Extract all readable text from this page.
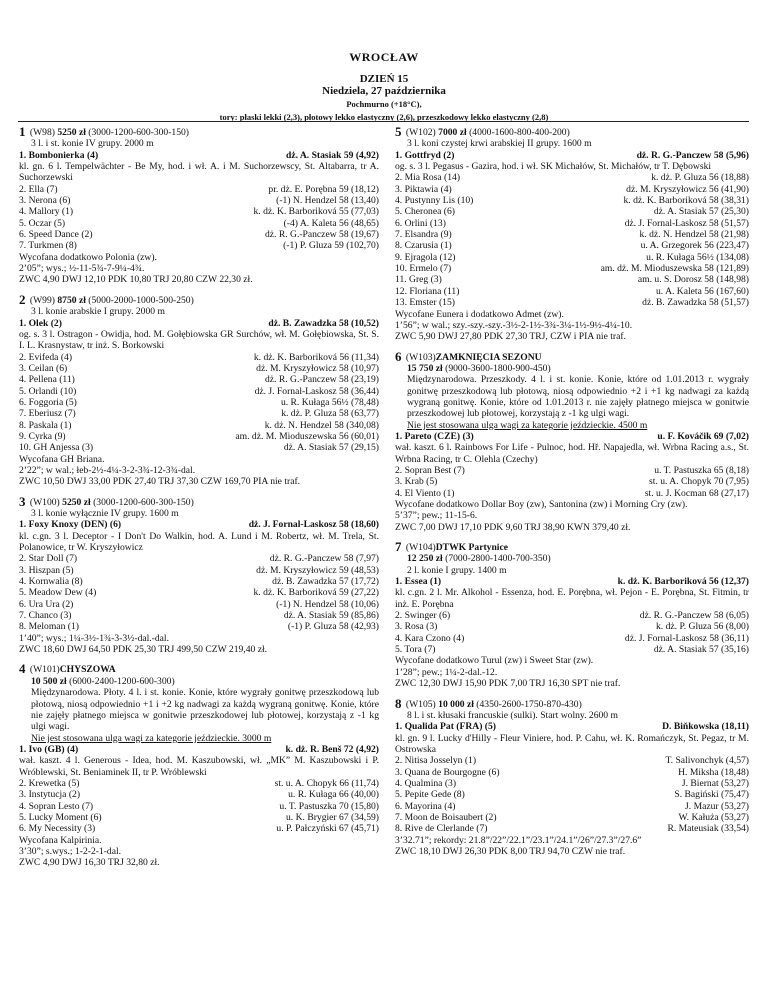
WROCŁAW
DZIEŃ 15
Niedziela, 27 października
Pochmurno (+18°C),
tory: płaski lekki (2,3), płotowy lekko elastyczny (2,6), przeszkodowy lekko elastyczny (2,8)
1 (W98) 5250 zł (3000-1200-600-300-150)
3 l. i st. konie IV grupy. 2000 m
1. Bombonierka (4)	dż. A. Stasiak 59 (4,92)
kl. gn. 6 l. Tempelwächter - Be My, hod. i wł. A. i M. Suchorzewscy, St. Altabarra, tr A. Suchorzewski
2. Ella (7)	pr. dż. E. Porębna 59 (18,12)
3. Nerona (6)	(-1) N. Hendzel 58 (13,40)
4. Mallory (1)	k. dż. K. Barboriková 55 (77,03)
5. Oczar (5)	(-4) A. Kaleta 56 (48,65)
6. Speed Dance (2)	dż. R. G.-Panczew 58 (19,67)
7. Turkmen (8)	(-1) P. Gluza 59 (102,70)
Wycofana dodatkowo Polonia (zw).
2’05”; wys.; ½-11-5¾-7-9¼-4¾.
ZWC 4,90 DWJ 12,10 PDK 10,80 TRJ 20,80 CZW 22,30 zł.
2 (W99) 8750 zł (5000-2000-1000-500-250)
3 l. konie arabskie I grupy. 2000 m
1. Olek (2)	dż. B. Zawadzka 58 (10,52)
og. s. 3 l. Ostragon - Owidja, hod. M. Gołębiowska GR Surchów, wł. M. Gołębiowska, St. S. I. L. Krasnystaw, tr inż. S. Borkowski
2. Evifeda (4)	k. dż. K. Barboriková 56 (11,34)
3. Ceilan (6)	dż. M. Kryszyłowicz 58 (10,97)
4. Pellena (11)	dż. R. G.-Panczew 58 (23,19)
5. Orlandi (10)	dż. J. Fornal-Laskosz 58 (36,44)
6. Foggoria (5)	u. R. Kułaga 56½ (78,48)
7. Eberiusz (7)	k. dż. P. Gluza 58 (63,77)
8. Paskala (1)	k. dż. N. Hendzel 58 (340,08)
9. Cyrka (9)	am. dż. M. Mioduszewska 56 (60,01)
10. GH Anjessa (3)	dż. A. Stasiak 57 (29,15)
Wycofana GH Briana.
2’22”; w wal.; łeb-2½-4¼-3-2-3¾-12-3¾-dal.
ZWC 10,50 DWJ 33,00 PDK 27,40 TRJ 37,30 CZW 169,70 PIA nie traf.
3 (W100) 5250 zł (3000-1200-600-300-150)
3 l. konie wyłącznie IV grupy. 1600 m
1. Foxy Knoxy (DEN) (6)	dż. J. Fornal-Laskosz 58 (18,60)
kl. c.gn. 3 l. Deceptor - I Don't Do Walkin, hod. A. Lund i M. Robertz, wł. M. Trela, St. Polanowice, tr W. Kryszyłowicz
2. Star Doll (7)	dż. R. G.-Panczew 58 (7,97)
3. Hiszpan (5)	dż. M. Kryszyłowicz 59 (48,53)
4. Kornwalia (8)	dż. B. Zawadzka 57 (17,72)
5. Meadow Dew (4)	k. dż. K. Barboriková 59 (27,22)
6. Ura Ura (2)	(-1) N. Hendzel 58 (10,06)
7. Chanco (3)	dż. A. Stasiak 59 (85,86)
8. Meloman (1)	(-1) P. Gluza 58 (42,93)
1’40”; wys.; 1¼-3½-1¾-3-3½-dal.-dal.
ZWC 18,60 DWJ 64,50 PDK 25,30 TRJ 499,50 CZW 219,40 zł.
4 (W101)CHYSZOWA
10 500 zł (6000-2400-1200-600-300)
Międzynarodowa. Płoty. 4 l. i st. konie. Konie, które wygrały gonitwę przeszkodową lub płotową, niosą odpowiednio +1 i +2 kg nadwagi za każdą wygraną gonitwę. Konie, które nie zajęły płatnego miejsca w gonitwie przeszkodowej lub płotowej, korzystają z -1 kg ulgi wagi.
Nie jest stosowana ulga wagi za kategorie jeździeckie. 3000 m
1. Ivo (GB) (4)	k. dż. R. Benš 72 (4,92)
wał. kaszt. 4 l. Generous - Idea, hod. M. Kaszubowski, wł. „MK” M. Kaszubowski i P. Wróblewski, St. Beniaminek II, tr P. Wróblewski
2. Krewetka (5)	st. u. A. Chopyk 66 (11,74)
3. Instytucja (2)	u. R. Kułaga 66 (40,00)
4. Sopran Lesto (7)	u. T. Pastuszka 70 (15,80)
5. Lucky Moment (6)	u. K. Brygier 67 (34,59)
6. My Necessity (3)	u. P. Pałczyński 67 (45,71)
Wycofana Kalpirinia.
3’30”; s.wys.; 1-2-2-1-dal.
ZWC 4,90 DWJ 16,30 TRJ 32,80 zł.
5 (W102) 7000 zł (4000-1600-800-400-200)
3 l. koni czystej krwi arabskiej II grupy. 1600 m
1. Gottfryd (2)	dż. R. G.-Panczew 58 (5,96)
og. s. 3 l. Pegasus - Gazira, hod. i wł. SK Michałów, St. Michałów, tr T. Dębowski
2. Mia Rosa (14)	k. dż. P. Gluza 56 (18,88)
3. Piktawia (4)	dż. M. Kryszyłowicz 56 (41,90)
4. Pustynny Lis (10)	k. dż. K. Barboriková 58 (38,31)
5. Cheronea (6)	dż. A. Stasiak 57 (25,30)
6. Orlini (13)	dż. J. Fornal-Laskosz 58 (51,57)
7. Elsandra (9)	k. dż. N. Hendzel 58 (21,98)
8. Czarusia (1)	u. A. Grzegorek 56 (223,47)
9. Ejragola (12)	u. R. Kułaga 56½ (134,08)
10. Ermelo (7)	am. dż. M. Mioduszewska 58 (121,89)
11. Greg (3)	am. u. S. Dorosz 58 (148,98)
12. Floriana (11)	u. A. Kaleta 56 (167,60)
13. Emster (15)	dż. B. Zawadzka 58 (51,57)
Wycofane Eunera i dodatkowo Admet (zw).
1’56”; w wal.; szy.-szy.-szy.-3½-2-1½-3¾-3¼-1½-9½-4¼-10.
ZWC 5,90 DWJ 27,80 PDK 27,30 TRJ, CZW i PIA nie traf.
6 (W103)ZAMKNIĘCIA SEZONU
15 750 zł (9000-3600-1800-900-450)
Międzynarodowa. Przeszkody. 4 l. i st. konie. Konie, które od 1.01.2013 r. wygrały gonitwę przeszkodową lub płotową, niosą odpowiednio +2 i +1 kg nadwagi za każdą wygraną gonitwę. Konie, które od 1.01.2013 r. nie zajęły płatnego miejsca w gonitwie przeszkodowej lub płotowej, korzystają z -1 kg ulgi wagi.
Nie jest stosowana ulga wagi za kategorie jeździeckie. 4500 m
1. Pareto (CZE) (3)	u. F. Kováčik 69 (7,02)
wał. kaszt. 6 l. Rainbows For Life - Pulnoc, hod. Hř. Napajedla, wł. Wrbna Racing a.s., St. Wrbna Racing, tr C. Olehla (Czechy)
2. Sopran Best (7)	u. T. Pastuszka 65 (8,18)
3. Krab (5)	st. u. A. Chopyk 70 (7,95)
4. El Viento (1)	st. u. J. Kocman 68 (27,17)
Wycofane dodatkowo Dollar Boy (zw), Santonina (zw) i Morning Cry (zw).
5’37”; pew.; 11-15-6.
ZWC 7,00 DWJ 17,10 PDK 9,60 TRJ 38,90 KWN 379,40 zł.
7 (W104)DTWK Partynice
12 250 zł (7000-2800-1400-700-350)
2 l. konie I grupy. 1400 m
1. Essea (1)	k. dż. K. Barboriková 56 (12,37)
kl. c.gn. 2 l. Mr. Alkohol - Essenza, hod. E. Porębna, wł. Pejon - E. Porębna, St. Fitmin, tr inż. E. Porębna
2. Swinger (6)	dż. R. G.-Panczew 58 (6,05)
3. Rosa (3)	k. dż. P. Gluza 56 (8,00)
4. Kara Czono (4)	dż. J. Fornal-Laskosz 58 (36,11)
5. Tora (7)	dż. A. Stasiak 57 (35,16)
Wycofane dodatkowo Turul (zw) i Sweet Star (zw).
1’28”; pew.; 1¼-2-dal.-12.
ZWC 12,30 DWJ 15,90 PDK 7,00 TRJ 16,30 SPT nie traf.
8 (W105) 10 000 zł (4350-2600-1750-870-430)
8 l. i st. kłusaki francuskie (sulki). Start wolny. 2600 m
1. Qualida Pat (FRA) (5)	D. Biňkowska (18,11)
kl. gn. 9 l. Lucky d'Hilly - Fleur Viniere, hod. P. Cahu, wł. K. Romańczyk, St. Pegaz, tr M. Ostrowska
2. Nitisa Josselyn (1)	T. Salivonchyk (4,57)
3. Quana de Bourgogne (6)	H. Miksha (18,48)
4. Qualmina (3)	J. Biernat (53,27)
5. Pepite Gede (8)	S. Bagiński (75,47)
6. Mayorina (4)	J. Mazur (53,27)
7. Moon de Boisaubert (2)	W. Kałuża (53,27)
8. Rive de Clerlande (7)	R. Mateusiak (33,54)
3’32.71”; rekordy: 21.8”/22”/22.1”/23.1”/24.1”/26”/27.3”/27.6”
ZWC 18,10 DWJ 26,30 PDK 8,00 TRJ 94,70 CZW nie traf.
